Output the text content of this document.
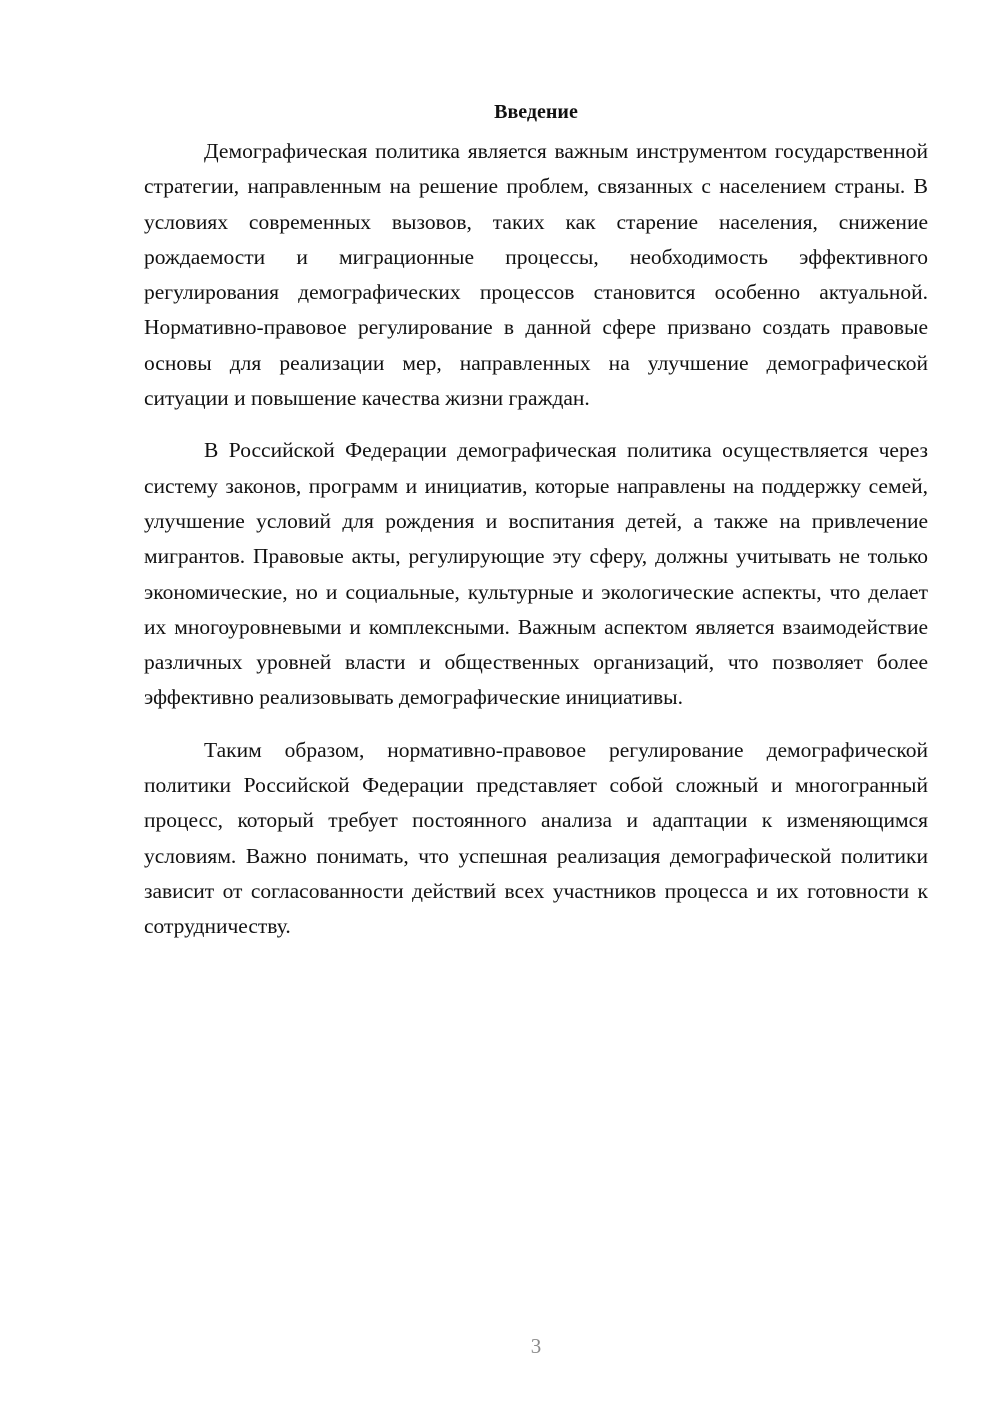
Введение

Демографическая политика является важным инструментом государственной стратегии, направленным на решение проблем, связанных с населением страны. В условиях современных вызовов, таких как старение населения, снижение рождаемости и миграционные процессы, необходимость эффективного регулирования демографических процессов становится особенно актуальной. Нормативно-правовое регулирование в данной сфере призвано создать правовые основы для реализации мер, направленных на улучшение демографической ситуации и повышение качества жизни граждан.

В Российской Федерации демографическая политика осуществляется через систему законов, программ и инициатив, которые направлены на поддержку семей, улучшение условий для рождения и воспитания детей, а также на привлечение мигрантов. Правовые акты, регулирующие эту сферу, должны учитывать не только экономические, но и социальные, культурные и экологические аспекты, что делает их многоуровневыми и комплексными. Важным аспектом является взаимодействие различных уровней власти и общественных организаций, что позволяет более эффективно реализовывать демографические инициативы.

Таким образом, нормативно-правовое регулирование демографической политики Российской Федерации представляет собой сложный и многогранный процесс, который требует постоянного анализа и адаптации к изменяющимся условиям. Важно понимать, что успешная реализация демографической политики зависит от согласованности действий всех участников процесса и их готовности к сотрудничеству.

3
